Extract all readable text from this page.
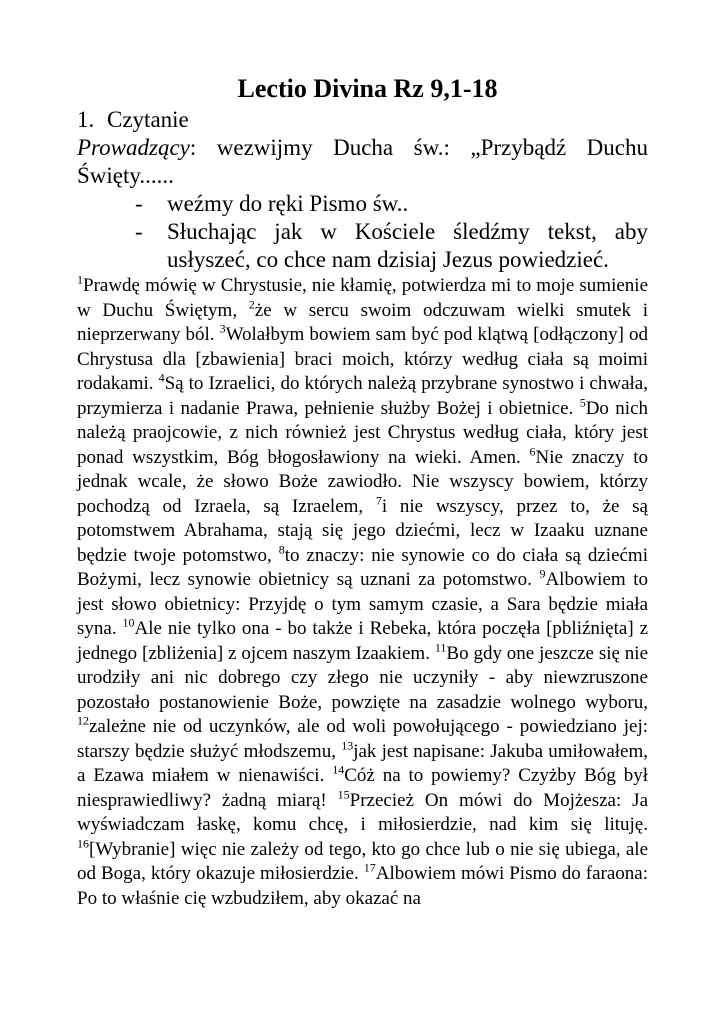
Lectio Divina Rz 9,1-18

1. Czytanie

Prowadzący: wezwijmy Ducha św.: „Przybądź Duchu Święty......

- weźmy do ręki Pismo św..
- Słuchając jak w Kościele śledźmy tekst, aby usłyszeć, co chce nam dzisiaj Jezus powiedzieć.

$^1$Prawdę mówię w Chrystusie, nie kłamię, potwierdza mi to moje sumienie w Duchu Świętym, $^2$że w sercu swoim odczuwam wielki smutek i nieprzerwany ból. $^3$Wolałbym bowiem sam być pod klątwą [odłączony] od Chrystusa dla [zbawienia] braci moich, którzy według ciała są moimi rodakami. $^4$Są to Izraelici, do których należą przybrane synostwo i chwała, przymierza i nadanie Prawa, pełnienie służby Bożej i obietnice. $^5$Do nich należą praojcowie, z nich również jest Chrystus według ciała, który jest ponad wszystkim, Bóg błogosławiony na wieki. Amen. $^6$Nie znaczy to jednak wcale, że słowo Boże zawiodło. Nie wszyscy bowiem, którzy pochodzą od Izraela, są Izraelem, $^7$i nie wszyscy, przez to, że są potomstwem Abrahama, stają się jego dziećmi, lecz w Izaaku uznane będzie twoje potomstwo, $^8$to znaczy: nie synowie co do ciała są dziećmi Bożymi, lecz synowie obietnicy są uznani za potomstwo. $^9$Albowiem to jest słowo obietnicy: Przyjdę o tym samym czasie, a Sara będzie miała syna. $^{10}$Ale nie tylko ona - bo także i Rebeka, która poczęła [pbliźnięta] z jednego [zbliżenia] z ojcem naszym Izaakiem. $^{11}$Bo gdy one jeszcze się nie urodziły ani nic dobrego czy złego nie uczyniły - aby niewzruszone pozostało postanowienie Boże, powzięte na zasadzie wolnego wyboru, $^{12}$zależne nie od uczynków, ale od woli powołującego - powiedziano jej: starszy będzie służyć młodszemu, $^{13}$jak jest napisane: Jakuba umiłowałem, a Ezawa miałem w nienawiści. $^{14}$Cóż na to powiemy? Czyżby Bóg był niesprawiedliwy? żadną miarą! $^{15}$Przecież On mówi do Mojżesza: Ja wyświadczam łaskę, komu chcę, i miłosierdzie, nad kim się lituję. $^{16}$[Wybranie] więc nie zależy od tego, kto go chce lub o nie się ubiega, ale od Boga, który okazuje miłosierdzie. $^{17}$Albowiem mówi Pismo do faraona: Po to właśnie cię wzbudziłem, aby okazać na
